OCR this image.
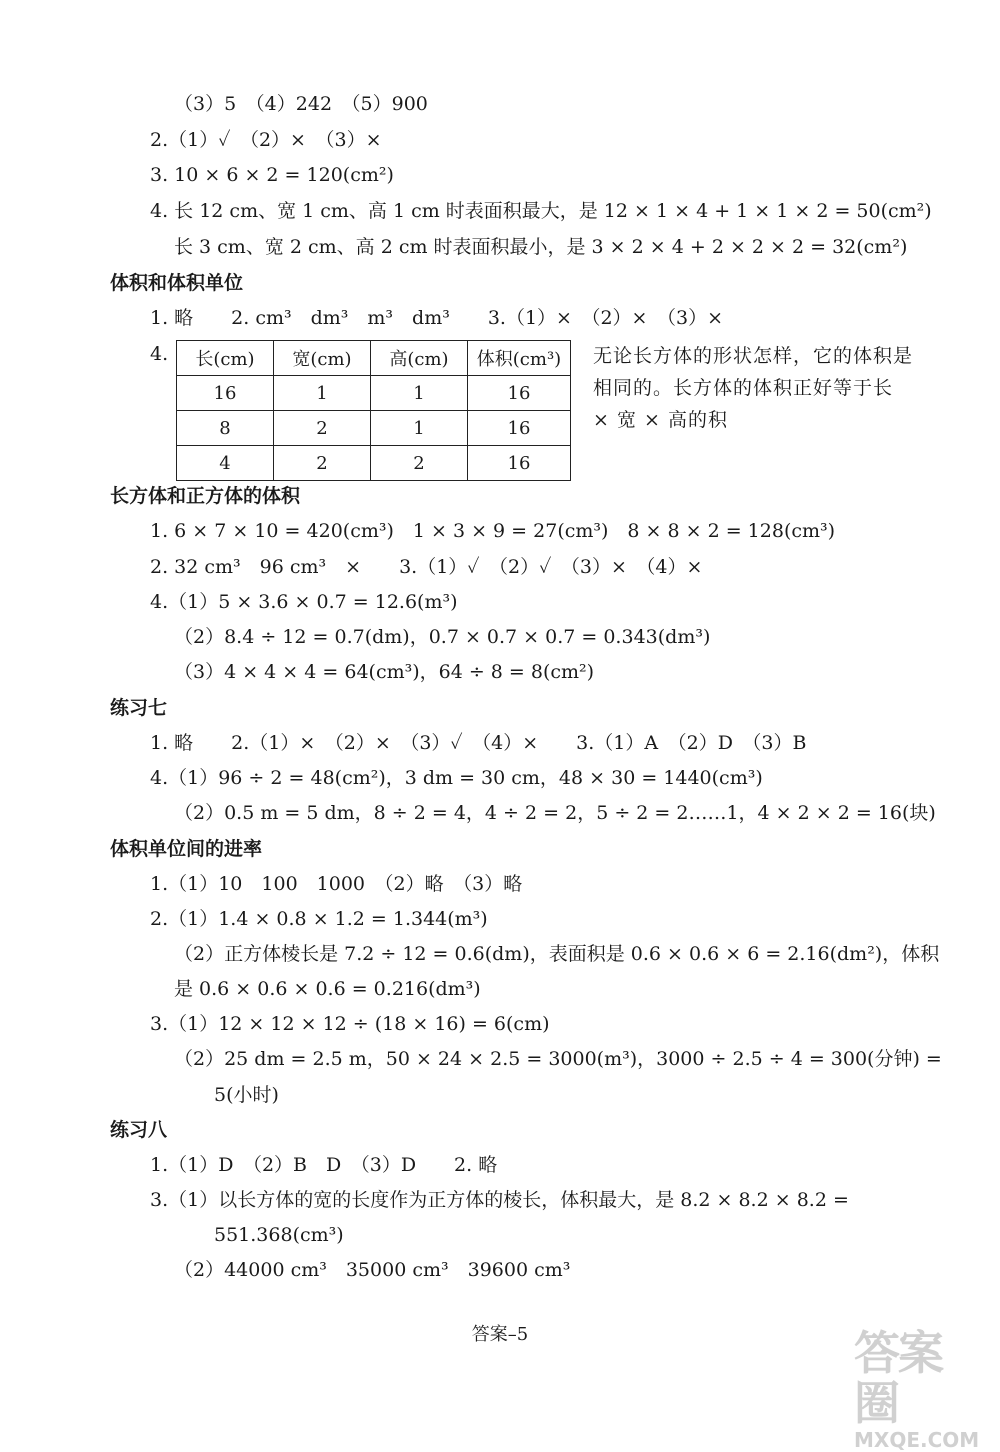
（3）5　（4）242　（5）900
2.（1）✓　（2）×　（3）×
3. 10 × 6 × 2 = 120(cm²)
4. 长 12 cm、宽 1 cm、高 1 cm 时表面积最大，是 12 × 1 × 4 + 1 × 1 × 2 = 50(cm²)
长 3 cm、宽 2 cm、高 2 cm 时表面积最小，是 3 × 2 × 4 + 2 × 2 × 2 = 32(cm²)
体积和体积单位
1. 略　　2. cm³　dm³　m³　dm³　　3.（1）×　（2）×　（3）×
4. 长(cm)	宽(cm)	高(cm)	体积(cm³)
16	1	1	16
8	2	1	16
4	2	2	16
无论长方体的形状怎样，它的体积是相同的。长方体的体积正好等于长 × 宽 × 高的积
长方体和正方体的体积
1. 6 × 7 × 10 = 420(cm³)　1 × 3 × 9 = 27(cm³)　8 × 8 × 2 = 128(cm³)
2. 32 cm³　96 cm³　×　　3.（1）✓　（2）✓　（3）×　（4）×
4.（1）5 × 3.6 × 0.7 = 12.6(m³)
（2）8.4 ÷ 12 = 0.7(dm)，0.7 × 0.7 × 0.7 = 0.343(dm³)
（3）4 × 4 × 4 = 64(cm³)，64 ÷ 8 = 8(cm²)
练习七
1. 略　　2.（1）×　（2）×　（3）✓　（4）×　　3.（1）A　（2）D　（3）B
4.（1）96 ÷ 2 = 48(cm²)，3 dm = 30 cm，48 × 30 = 1440(cm³)
（2）0.5 m = 5 dm，8 ÷ 2 = 4，4 ÷ 2 = 2，5 ÷ 2 = 2……1，4 × 2 × 2 = 16(块)
体积单位间的进率
1.（1）10　100　1000　（2）略　（3）略
2.（1）1.4 × 0.8 × 1.2 = 1.344(m³)
（2）正方体棱长是 7.2 ÷ 12 = 0.6(dm)，表面积是 0.6 × 0.6 × 6 = 2.16(dm²)，体积
是 0.6 × 0.6 × 0.6 = 0.216(dm³)
3.（1）12 × 12 × 12 ÷ (18 × 16) = 6(cm)
（2）25 dm = 2.5 m，50 × 24 × 2.5 = 3000(m³)，3000 ÷ 2.5 ÷ 4 = 300(分钟) =
5(小时)
练习八
1.（1）D　（2）B　D　（3）D　　2. 略
3.（1）以长方体的宽的长度作为正方体的棱长，体积最大，是 8.2 × 8.2 × 8.2 =
551.368(cm³)
（2）44000 cm³　35000 cm³　39600 cm³
答案–5	答案圈
MXQE.COM
